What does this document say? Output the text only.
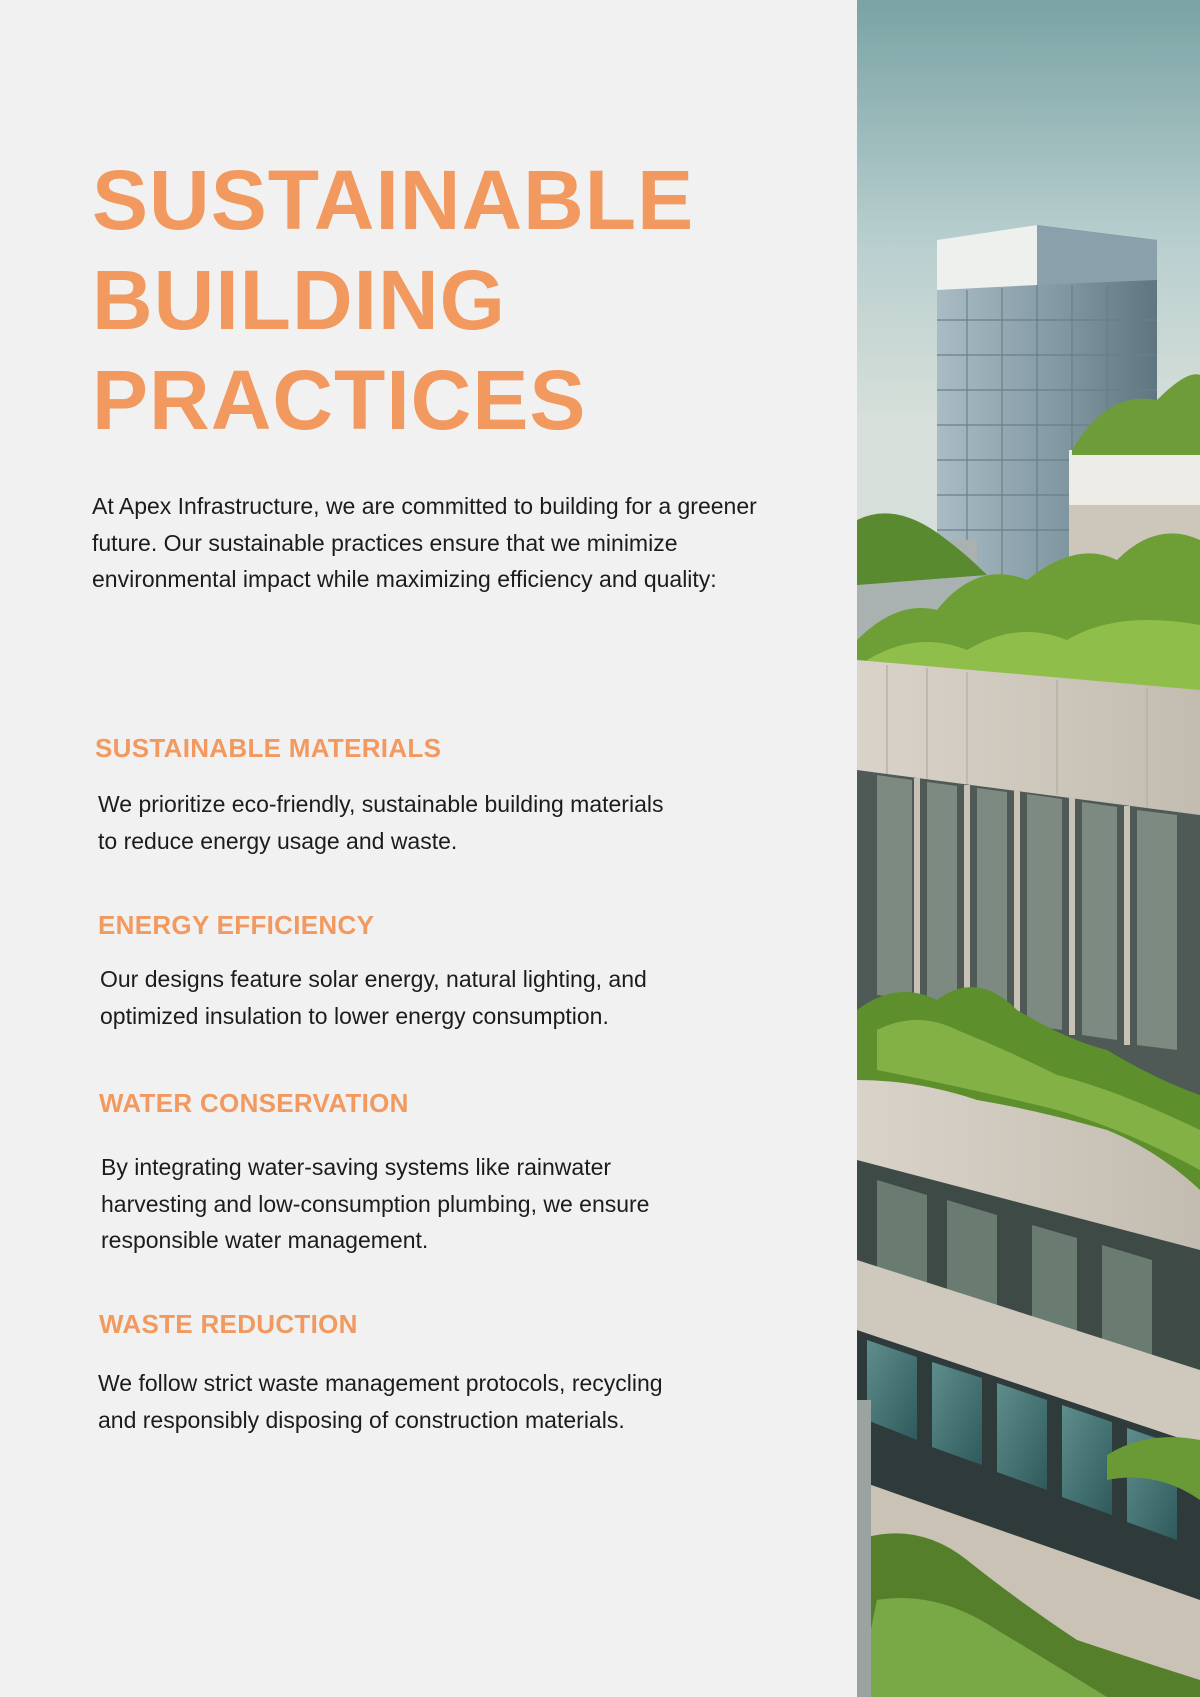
SUSTAINABLE
BUILDING
PRACTICES

At Apex Infrastructure, we are committed to building for a greener future. Our sustainable practices ensure that we minimize environmental impact while maximizing efficiency and quality:

SUSTAINABLE MATERIALS

We prioritize eco-friendly, sustainable building materials
to reduce energy usage and waste.

ENERGY EFFICIENCY

Our designs feature solar energy, natural lighting, and
optimized insulation to lower energy consumption.

WATER CONSERVATION

By integrating water-saving systems like rainwater
harvesting and low-consumption plumbing, we ensure
responsible water management.

WASTE REDUCTION

We follow strict waste management protocols, recycling
and responsibly disposing of construction materials.
